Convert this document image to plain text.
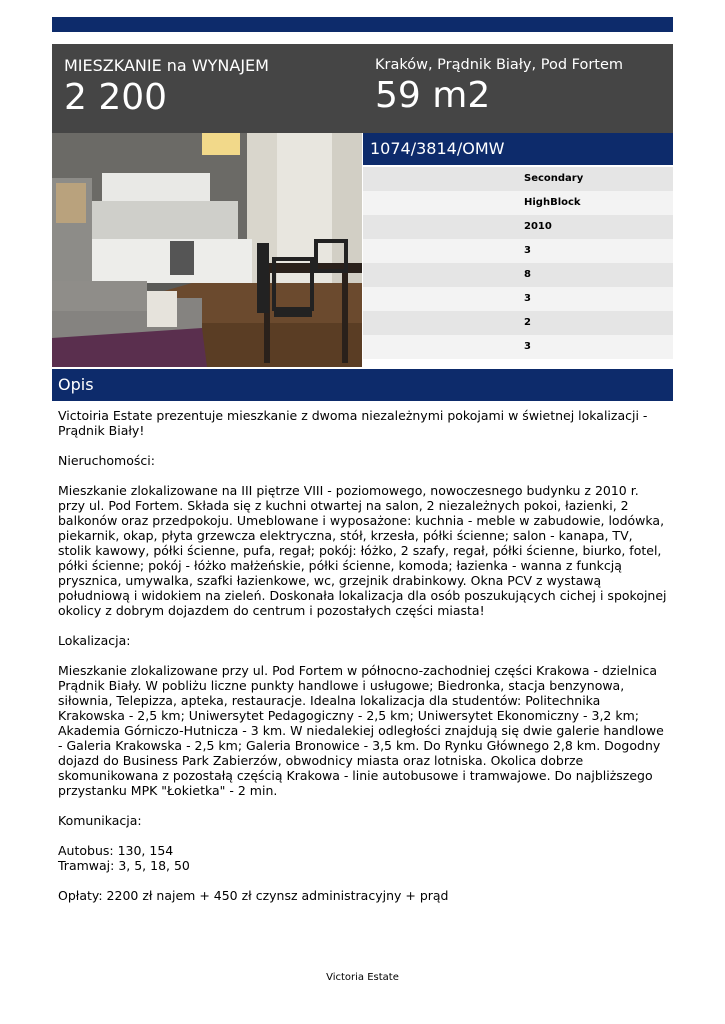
MIESZKANIE na WYNAJEM
2 200
Kraków, Prądnik Biały, Pod Fortem
59 m2
1074/3814/OMW
Secondary
HighBlock
2010
3
8
3
2
3
Opis

Victoiria Estate prezentuje mieszkanie z dwoma niezależnymi pokojami w świetnej lokalizacji - Prądnik Biały!

Nieruchomości:

Mieszkanie zlokalizowane na III piętrze VIII - poziomowego, nowoczesnego budynku z 2010 r. przy ul. Pod Fortem. Składa się z kuchni otwartej na salon, 2 niezależnych pokoi, łazienki, 2 balkonów oraz przedpokoju. Umeblowane i wyposażone: kuchnia - meble w zabudowie, lodówka, piekarnik, okap, płyta grzewcza elektryczna, stół, krzesła, półki ścienne; salon - kanapa, TV, stolik kawowy, półki ścienne, pufa, regał; pokój: łóżko, 2 szafy, regał, półki ścienne, biurko, fotel, półki ścienne; pokój - łóżko małżeńskie, półki ścienne, komoda; łazienka - wanna z funkcją prysznica, umywalka, szafki łazienkowe, wc, grzejnik drabinkowy. Okna PCV z wystawą południową i widokiem na zieleń. Doskonała lokalizacja dla osób poszukujących cichej i spokojnej okolicy z dobrym dojazdem do centrum i pozostałych części miasta!

Lokalizacja:

Mieszkanie zlokalizowane przy ul. Pod Fortem w północno-zachodniej części Krakowa - dzielnica Prądnik Biały. W pobliżu liczne punkty handlowe i usługowe; Biedronka, stacja benzynowa, siłownia, Telepizza, apteka, restauracje. Idealna lokalizacja dla studentów: Politechnika Krakowska - 2,5 km; Uniwersytet Pedagogiczny - 2,5 km; Uniwersytet Ekonomiczny - 3,2 km; Akademia Górniczo-Hutnicza - 3 km. W niedalekiej odległości znajdują się dwie galerie handlowe - Galeria Krakowska - 2,5 km; Galeria Bronowice - 3,5 km. Do Rynku Głównego 2,8 km. Dogodny dojazd do Business Park Zabierzów, obwodnicy miasta oraz lotniska. Okolica dobrze skomunikowana z pozostałą częścią Krakowa - linie autobusowe i tramwajowe. Do najbliższego przystanku MPK "Łokietka" - 2 min.

Komunikacja:

Autobus: 130, 154
Tramwaj: 3, 5, 18, 50

Opłaty: 2200 zł najem + 450 zł czynsz administracyjny + prąd

Victoria Estate
